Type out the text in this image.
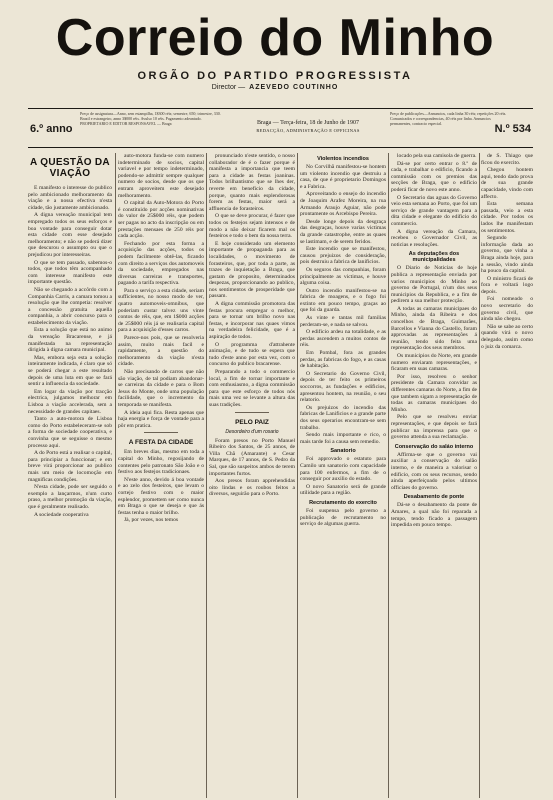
Correio do Minho
ORGÃO DO PARTIDO PROGRESSISTA
Director — AZEVEDO COUTINHO
6.º anno
Preço de assignatura—Anno, sem estampilha, 1$300 réis; semestre, 650; trimestre, 330. Brazil e estrangeiro, anno 3$000 réis. Avulso 10 réis. Pagamento adeantado. PROPRIETARIO E EDITOR RESPONSAVEL — Braga	Braga — Terça-feira, 18 de Junho de 1907
REDACÇÃO, ADMINISTRAÇÃO E OFFICINAS
Preço de publicações—Annuncios, cada linha 30 réis; repetições 20 réis. Comunicados e correspondencias, 40 réis por linha. Annuncios permanentes, contracto especial.	N.º 534
A QUESTÃO DA VIAÇÃO

E manifesto o interesse do publico pelo ambicionado melhoramento da viação e a nossa efectiva n'esta cidade, tão justamente ambicionado.

A digna vereação municipal tem empregado todos os seus esforços e boa vontade para conseguir dotar esta cidade com esse desejado melhoramento; e não se poderá dizer que descurou o assumpto ou que o prejudicou por interesseiras.

O que se tem passado, sabemos-o todos, que todos têm acompanhado com interesse manifesto este importante questão.

Não se chegando a accôrdo com a Companhia Carris, a camara tomou a resolução que lhe competia: resolver a concessão gratuita aquella companhia, a abrir concurso para o estabelecimento da viação.

Esta a solução que está no animo da vereação Bracarense, e já manifestada na representação dirigida à digna camara municipal.

Mas, embora seja esta a solução inteiramente indicada, é claro que só se poderá chegar a este resultado depois de uma luta em que se fará sentir a influencia da sociedade.

Em logar da viação por tracção electrica, julgamos melhorar em Lisboa a viação accelerada, sem a necessidade de grandes capitaes.

Tanto a auto-motora de Lisboa como do Porto estabeleceram-se sob a forma de sociedade cooperativa, e convinha que se seguisse o mesmo processo aqui.

A do Porto está a realisar o capital, para principiar a funccionar; e em breve virá proporcionar ao publico mais um meio de locomoção em magnificas condições.

N'esta cidade, pode ser seguido o exemplo a lançarmos, n'um curto praso, a melhor promoção da viação, que é geralmente realisado.

A sociedade cooperativa

auto-motora funda-se com numero indeterminado de socios, capital variavel e por tempo indeterminado, podendo-se admittir sempre qualquer numero de socios, desde que os que entram aproveitem este desejado melhoramento.

O capital da Auto-Motora do Porto é constituido por acções nominativas do valor de 25$000 réis, que podem ser pagas no acto da inscripção ou em prestações mensaes de 250 réis por cada acção.

Fechando por esta forma a acquisição das acções, todos os podem facilmente obtê-las, ficando com direito a serviços dos automoveis da sociedade, empregados nas diversas carreiras e transportes, pagando a tarifa respectiva.

Para o serviço a esta cidade, seriam sufficientes, no nosso modo de ver, quatro automoveis-omnibus, que poderiam custar talvez uns vinte contos de réis, que, em 1$000 acções de 25$000 réis já se realisaria capital para a acquisição d'esses carros.

Parece-nos pois, que se resolveria assim, muito mais facil e rapidamente, a questão do melhoramento da viação n'esta cidade.

Não precisando de carros que não são viação, de tal podiam abandonar-se carreiras da cidade e para o Bom Jesus do Monte, onde uma população facilidade, que o incremento da temporada se manifesta.

A ideia aqui fica. Resta apenas que haja energia e força de vontade para a pôr em pratica.

A FESTA DA CIDADE

Em breves dias, mesmo em toda a capital do Minho, regosijando de contentes pelo patronato São João e o festivo aos festejos tradicionaes.

N'este anno, devido á boa vontade e ao zelo dos festeiros, que levam o cortejo festivo com o maior esplendor, promettem ser como nunca em Braga o que se deseja e que ás festas tenha o maior brilho.

Jà, por vezes, nos temos

pronunciado n'este sentido, o nosso collaborador de é o fazer porque é manifesta a importancia que teem para a cidade as festas joaninas. Todos brilhantismo que se lhes der, reverte em beneficio da cidade, porque, quanto mais esplendorosas forem as festas, maior será a affluencia de forasteiros.

O que se deve procurar, é fazer que todos os festejos sejam intensos e de modo a não deixar ficarem mal os festeiros e todo o bem da nossa terra.

E hoje considerado um elemento importante de propaganda para as localidades, o movimento de forasteiros, que, por toda a parte, as trazes de inquietação a Braga, que gastam de proposito, determinados despezas, proporcionando ao publico, nos sentimentos de prosperidade que passam.

A digna commissão promotora das festas procura empregar o melhor, para se tornar um brilho novo nas festas, e incorporar nas quaes vimos na verdadeira felicidade, que é a aspiração de todos.

O programma d'attrahente animação, e de tudo se espera que tudo d'este anno por esta vez, com o concurso do publico bracarense.

Preparando a todo o commercio local, a fim de tornar importante e com enthusiasmo, a digna commissão para que este esforço de todos nós mais uma vez se levante a altura das suas tradições.

PELO PAIZ
Desordeiro d'um rosario

Foram presos no Porto Manuel Ribeiro dos Santos, de 25 annos, de Villa Chã (Amarante) e Cesar Marques, de 17 annos, de S. Pedro da Sal, que são suspeitos ambos de terem importantes furtos.

Aos presos foram apprehendidas oito lindas e os roubos feitos a diversos, seguirão para o Porto.

Violentos incendios

No Corvilhã manifestou-se hontem um violento incendio que destruiu a casa, de que é proprietario Domingos e a Fabrica.

Aproveitando o ensejo do incendio de Joaquim Arafez Moreira, na rua Armando Araujo Aguiar, não pode prontamente os Arcebispo Pereira.

Desde longe depois da desgraça das desgraças, houve varias victimas da grande catastrophe, entre as quaes se lastimam, e de serem feridos.

Este incendio que se manifestou, causou prejuizos de consideração, pois destruiu a fabrica de lanificios.

Os seguros das companhias, foram principalmente as victimas, e houve alguma coisa.

Outro incendio manifestou-se na fabrica de moagens, e o fogo foi extinto em pouco tempo, graças ao que foi da guarda.

As vinte e tantas mil familias perderam-se, e nada se salvou.

O edificio ardeu na totalidade, e as perdas ascendem a muitos contos de réis.

Em Pombal, fora as grandes perdas, as fabricas do fogo, e as casas de habitação.

O Secretario do Governo Civil, depois de ter feito os primeiros soccorros, as fundações e edificios, apresentou hontem, na reunião, o seu relatorio.

Os prejuizos do incendio das fabricas de Lanificios e a grande parte dos seus operarios encontram-se sem trabalho.

Sendo mais importante e rico, o mais tarde foi a causa sem remedio.

Sanatorio

Foi approvado o estatuto para Camilo um sanatorio com capacidade para 100 enfermos, a fim de o conseguir por auxilio do estado.

O novo Sanatorio será de grande utilidade para a região.

Recrutamento do exercito

Foi suspensa pelo governo a publicação de recrutamento no serviço de algumas guerra.

locado pela sua camisola de guerra.

Dá-se por certo entrar o 8.º de cada, e trabalhar o edificio, ficando a commissão com os premios das secções de Braga, que o edificio poderá ficar de novo este anno.

O Secretario das aguas do Governo veio esta semana ao Porto, que foi um serviço de grande vantagem para a dita cidade e elegante do edificio do commercio.

A digna vereação da Camara, recebeu o Governador Civil, as noticias e resoluções.

As deputações dos municipalidades

O Diario de Noticias de hoje publica a representação enviada por varios municipios do Minho ao governo de Portugal, n'um dos seus municipios da Republica, e a fim de pedirem a sua melhor protecção.

A todas as camaras municipaes do Minho, ainda da Ribeira e dos concelhos de Braga, Guimarães, Barcellos e Vianna do Castello, foram approvadas as representações á reunião, tendo sido feita uma representação dos seus membros.

Os municipios do Norte, em grande numero enviaram representações, e ficaram em suas camaras.

Por isso, resolveu o senhor presidente da Camara convidar as differentes camaras do Norte, a fim de que tambem sigam a representação de todas as camaras municipaes do Minho.

Pelo que se resolveu enviar representações, e que depois se fará publicar na imprensa para que o governo attenda a sua reclamação.

Conservação do saláo interno

Affirma-se que o governo vai auxiliar a conservação do salão interno, e de maneira a valorisar o edificio, com os seus recursos, sendo ainda aperfeiçoado pelos ultimos officiaes do governo.

Desabamento de ponte

Dá-se o desabamento da ponte de Amares, a qual não foi reparada a tempo, tendo ficado a passagem impedida em pouco tempo.

de S. Thiago que ficou do exercito.

Chegou hontem aqui, tendo dado prova de sua grande capacidade, vindo com affecto.

Esta semana passada, veio a esta cidade. Por todos os lados lhe manifestam os sentimentos.

Segundo informação dada ao governo, que vinha a Braga ainda hoje, para a sessão, vindo ainda ha pouco da capital.

O ministro ficará de fora e voltará logo depois.

Foi nomeado o novo secretario do governo civil, que ainda não chegou.

Não se sabe ao certo quando virá o novo delegado, assim como o juiz da comarca.
